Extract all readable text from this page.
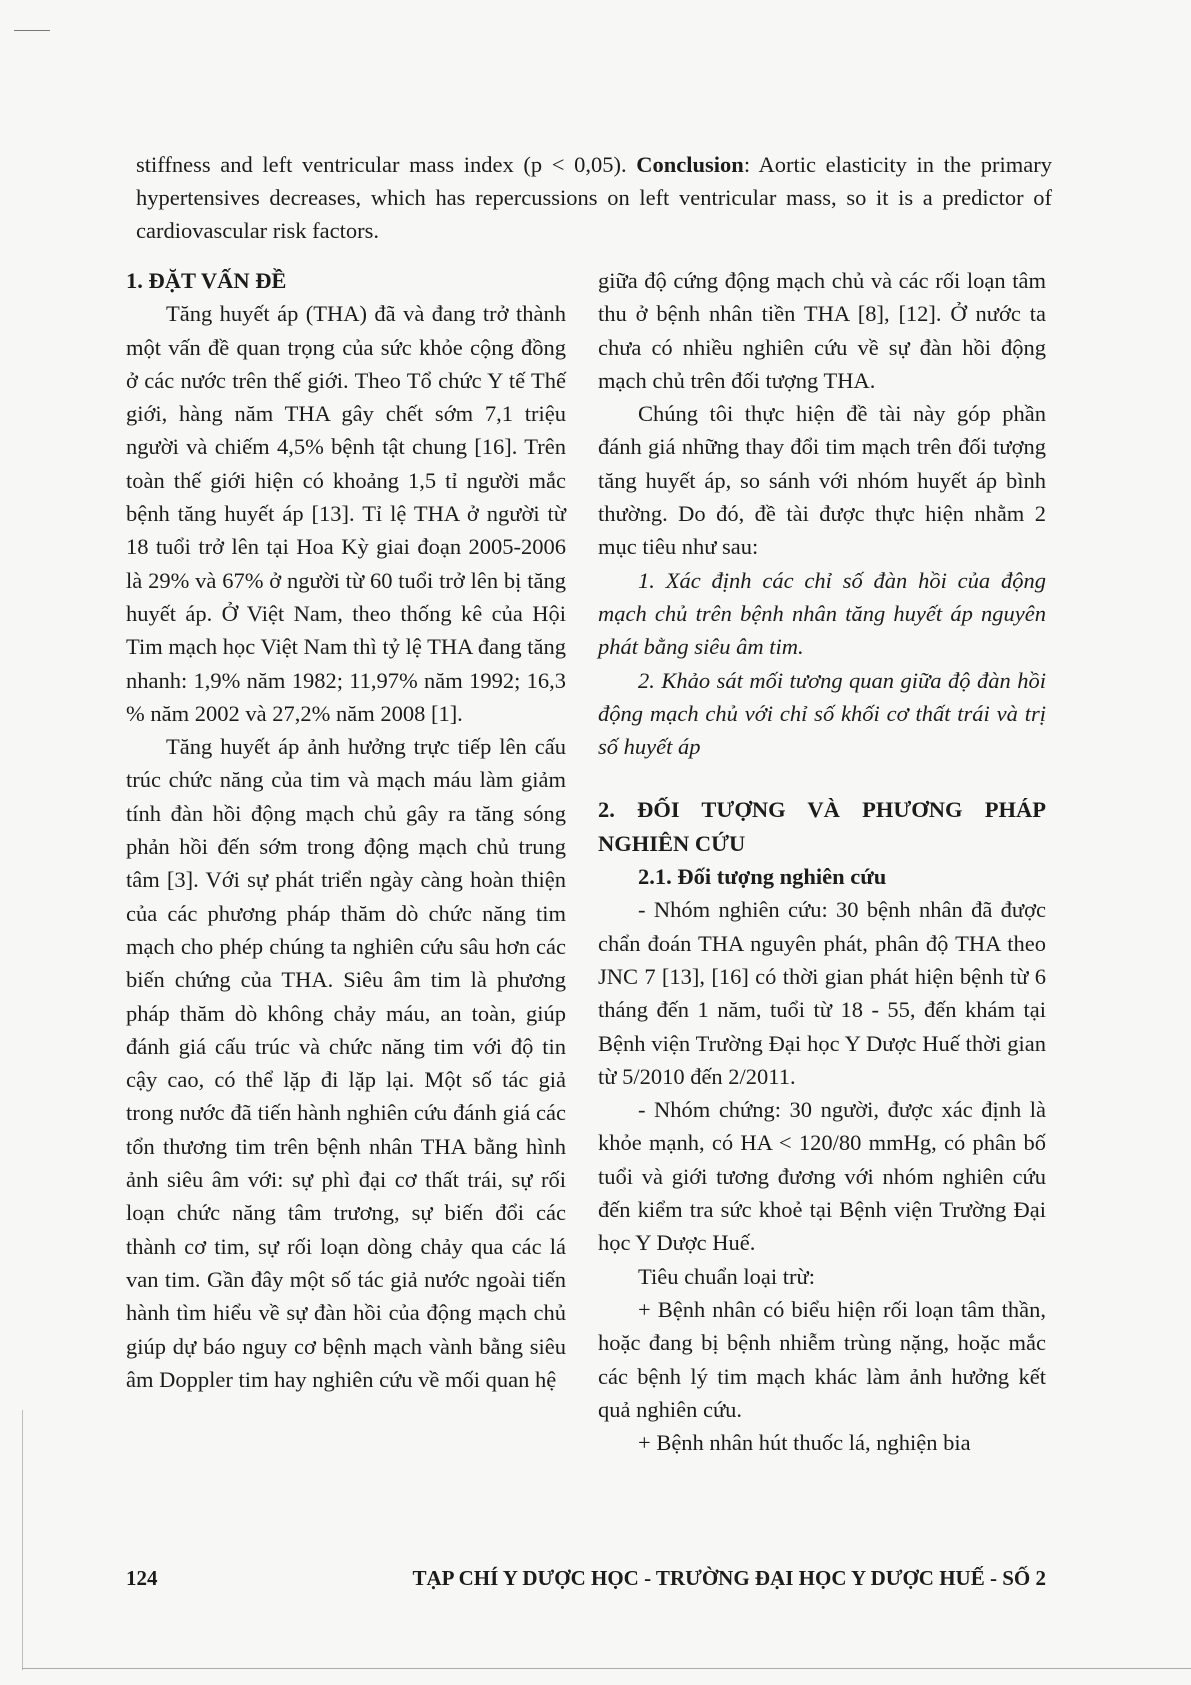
stiffness and left ventricular mass index (p < 0,05). Conclusion: Aortic elasticity in the primary hypertensives decreases, which has repercussions on left ventricular mass, so it is a predictor of cardiovascular risk factors.
1. ĐẶT VẤN ĐỀ

Tăng huyết áp (THA) đã và đang trở thành một vấn đề quan trọng của sức khỏe cộng đồng ở các nước trên thế giới. Theo Tổ chức Y tế Thế giới, hàng năm THA gây chết sớm 7,1 triệu người và chiếm 4,5% bệnh tật chung [16]. Trên toàn thế giới hiện có khoảng 1,5 tỉ người mắc bệnh tăng huyết áp [13]. Tỉ lệ THA ở người từ 18 tuổi trở lên tại Hoa Kỳ giai đoạn 2005-2006 là 29% và 67% ở người từ 60 tuổi trở lên bị tăng huyết áp. Ở Việt Nam, theo thống kê của Hội Tim mạch học Việt Nam thì tỷ lệ THA đang tăng nhanh: 1,9% năm 1982; 11,97% năm 1992; 16,3 % năm 2002 và 27,2% năm 2008 [1].

Tăng huyết áp ảnh hưởng trực tiếp lên cấu trúc chức năng của tim và mạch máu làm giảm tính đàn hồi động mạch chủ gây ra tăng sóng phản hồi đến sớm trong động mạch chủ trung tâm [3]. Với sự phát triển ngày càng hoàn thiện của các phương pháp thăm dò chức năng tim mạch cho phép chúng ta nghiên cứu sâu hơn các biến chứng của THA. Siêu âm tim là phương pháp thăm dò không chảy máu, an toàn, giúp đánh giá cấu trúc và chức năng tim với độ tin cậy cao, có thể lặp đi lặp lại. Một số tác giả trong nước đã tiến hành nghiên cứu đánh giá các tổn thương tim trên bệnh nhân THA bằng hình ảnh siêu âm với: sự phì đại cơ thất trái, sự rối loạn chức năng tâm trương, sự biến đổi các thành cơ tim, sự rối loạn dòng chảy qua các lá van tim. Gần đây một số tác giả nước ngoài tiến hành tìm hiểu về sự đàn hồi của động mạch chủ giúp dự báo nguy cơ bệnh mạch vành bằng siêu âm Doppler tim hay nghiên cứu về mối quan hệ

giữa độ cứng động mạch chủ và các rối loạn tâm thu ở bệnh nhân tiền THA [8], [12]. Ở nước ta chưa có nhiều nghiên cứu về sự đàn hồi động mạch chủ trên đối tượng THA.

Chúng tôi thực hiện đề tài này góp phần đánh giá những thay đổi tim mạch trên đối tượng tăng huyết áp, so sánh với nhóm huyết áp bình thường. Do đó, đề tài được thực hiện nhằm 2 mục tiêu như sau:

1. Xác định các chỉ số đàn hồi của động mạch chủ trên bệnh nhân tăng huyết áp nguyên phát bằng siêu âm tim.

2. Khảo sát mối tương quan giữa độ đàn hồi động mạch chủ với chỉ số khối cơ thất trái và trị số huyết áp

2. ĐỐI TƯỢNG VÀ PHƯƠNG PHÁP NGHIÊN CỨU
2.1. Đối tượng nghiên cứu

- Nhóm nghiên cứu: 30 bệnh nhân đã được chẩn đoán THA nguyên phát, phân độ THA theo JNC 7 [13], [16] có thời gian phát hiện bệnh từ 6 tháng đến 1 năm, tuổi từ 18 - 55, đến khám tại Bệnh viện Trường Đại học Y Dược Huế thời gian từ 5/2010 đến 2/2011.

- Nhóm chứng: 30 người, được xác định là khỏe mạnh, có HA < 120/80 mmHg, có phân bố tuổi và giới tương đương với nhóm nghiên cứu đến kiểm tra sức khoẻ tại Bệnh viện Trường Đại học Y Dược Huế.

Tiêu chuẩn loại trừ:

+ Bệnh nhân có biểu hiện rối loạn tâm thần, hoặc đang bị bệnh nhiễm trùng nặng, hoặc mắc các bệnh lý tim mạch khác làm ảnh hưởng kết quả nghiên cứu.

+ Bệnh nhân hút thuốc lá, nghiện bia

124	TẠP CHÍ Y DƯỢC HỌC - TRƯỜNG ĐẠI HỌC Y DƯỢC HUẾ - SỐ 2
